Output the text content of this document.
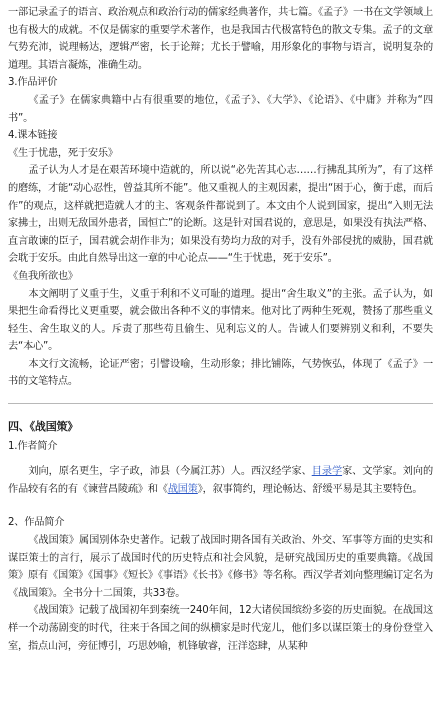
一部记录孟子的语言、政治观点和政治行动的儒家经典著作，共七篇。《孟子》一书在文学领域上也有极大的成就。不仅是儒家的重要学术著作，也是我国古代极富特色的散文专集。孟子的文章气势充沛，说理畅达，逻辑严密，长于论辩；尤长于譬喻，用形象化的事物与语言，说明复杂的道理。其语言凝炼，准确生动。

3.作品评价

《孟子》在儒家典籍中占有很重要的地位，《孟子》、《大学》、《论语》、《中庸》并称为“四书”。

4.课本链接

《生于忧患，死于安乐》

孟子认为人才是在艰苦环境中造就的，所以说“必先苦其心志……行拂乱其所为”，有了这样的磨练，才能“动心忍性，曾益其所不能”。他又重视人的主观因素，提出“困于心，衡于虑，而后作”的观点，这样就把造就人才的主、客观条件都说到了。本文由个人说到国家，提出“入则无法家拂士，出则无敌国外患者，国恒亡”的论断。这是针对国君说的，意思是，如果没有执法严格、直言敢谏的臣子，国君就会胡作非为；如果没有势均力敌的对手，没有外部侵扰的威胁，国君就会耽于安乐。由此自然导出这一章的中心论点——“生于忧患，死于安乐”。

《鱼我所欲也》

本文阐明了义重于生，义重于利和不义可耻的道理。提出“舍生取义”的主张。孟子认为，如果把生命看得比义更重要，就会做出各种不义的事情来。他对比了两种生死观，赞扬了那些重义轻生、舍生取义的人。斥责了那些苟且偷生、见利忘义的人。告诫人们要辨别义和利，不要失去“本心”。

本文行文流畅，论证严密；引譬设喻，生动形象；排比铺陈，气势恢弘，体现了《孟子》一书的文笔特点。

四、《战国策》

1.作者简介

刘向，原名更生，字子政，沛县（今属江苏）人。西汉经学家、目录学家、文学家。刘向的作品较有名的有《谏营昌陵疏》和《战国策》，叙事简约，理论畅达、舒缓平易是其主要特色。

2、作品简介

《战国策》属国别体杂史著作。记载了战国时期各国有关政治、外交、军事等方面的史实和谋臣策士的言行，展示了战国时代的历史特点和社会风貌，是研究战国历史的重要典籍。《战国策》原有《国策》《国事》《短长》《事语》《长书》《修书》等名称。西汉学者刘向整理编订定名为《战国策》。全书分十二国策，共33卷。

《战国策》记载了战国初年到秦统一240年间，12大诸侯国缤纷多姿的历史面貌。在战国这样一个动荡剧变的时代，往来于各国之间的纵横家是时代宠儿，他们多以谋臣策士的身份登堂入室，指点山河，旁征博引，巧思妙喻，机锋敏睿，汪洋恣肆，从某种
